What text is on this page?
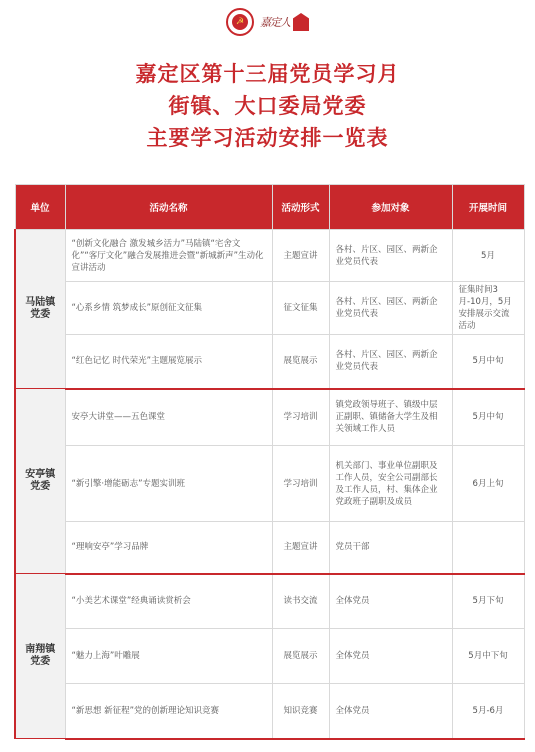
☭	嘉定人
嘉定区第十三届党员学习月
街镇、大口委局党委
主要学习活动安排一览表
单位	活动名称	活动形式	参加对象	开展时间
马陆镇
党委	“创新文化融合 激发城乡活力”马陆镇“宅舍文化”“客厅文化”融合发展推进会暨“新城新声”生动化宣讲活动	主题宣讲	各村、片区、园区、两新企业党员代表	5月
	“心系乡情 筑梦成长”原创征文征集	征文征集	各村、片区、园区、两新企业党员代表	征集时间3月-10月，5月安排展示交流活动
	“红色记忆 时代荣光”主题展览展示	展览展示	各村、片区、园区、两新企业党员代表	5月中旬
安亭镇
党委	安亭大讲堂——五色课堂	学习培训	镇党政领导班子、镇级中层正副职、镇储备大学生及相关领域工作人员	5月中旬
	“新引擎·增能砺志”专题实训班	学习培训	机关部门、事业单位副职及工作人员，安全公司副部长及工作人员，村、集体企业党政班子副职及成员	6月上旬
	“理响安亭”学习品牌	主题宣讲	党员干部	
南翔镇
党委	“小美艺术课堂”经典诵读赏析会	读书交流	全体党员	5月下旬
	“魅力上海”叶雕展	展览展示	全体党员	5月中下旬
	“新思想 新征程”党的创新理论知识竞赛	知识竞赛	全体党员	5月-6月
